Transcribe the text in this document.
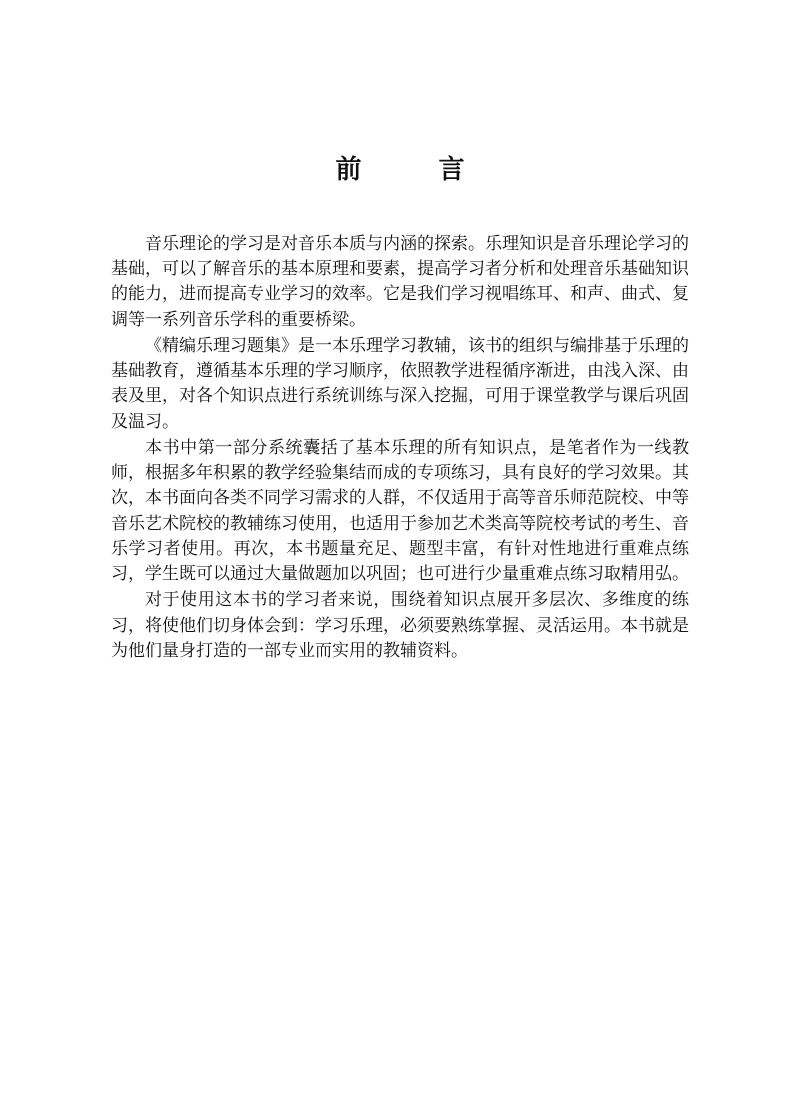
前 言

音乐理论的学习是对音乐本质与内涵的探索。乐理知识是音乐理论学习的基础，可以了解音乐的基本原理和要素，提高学习者分析和处理音乐基础知识的能力，进而提高专业学习的效率。它是我们学习视唱练耳、和声、曲式、复调等一系列音乐学科的重要桥梁。

《精编乐理习题集》是一本乐理学习教辅，该书的组织与编排基于乐理的基础教育，遵循基本乐理的学习顺序，依照教学进程循序渐进，由浅入深、由表及里，对各个知识点进行系统训练与深入挖掘，可用于课堂教学与课后巩固及温习。

本书中第一部分系统囊括了基本乐理的所有知识点，是笔者作为一线教师，根据多年积累的教学经验集结而成的专项练习，具有良好的学习效果。其次，本书面向各类不同学习需求的人群，不仅适用于高等音乐师范院校、中等音乐艺术院校的教辅练习使用，也适用于参加艺术类高等院校考试的考生、音乐学习者使用。再次，本书题量充足、题型丰富，有针对性地进行重难点练习，学生既可以通过大量做题加以巩固；也可进行少量重难点练习取精用弘。

对于使用这本书的学习者来说，围绕着知识点展开多层次、多维度的练习，将使他们切身体会到：学习乐理，必须要熟练掌握、灵活运用。本书就是为他们量身打造的一部专业而实用的教辅资料。
